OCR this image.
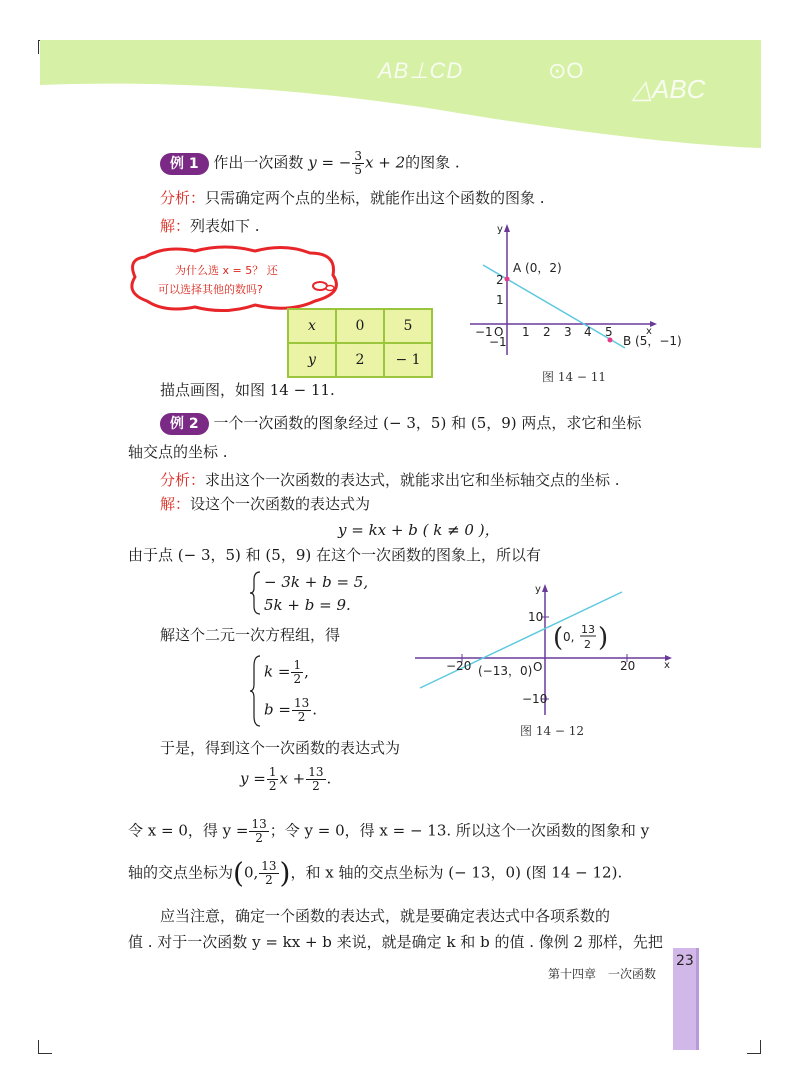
AB⊥CD	⊙O
△ABC
例 1 作出一次函数 y = − $\frac{3}{5}$ x + 2的图象 .
分析：只需确定两个点的坐标，就能作出这个函数的图象 .
解：列表如下 .
为什么选 x = 5？ 还
可以选择其他的数吗?
x	0	5
y	2	− 1
描点画图，如图 14 − 11.
x
y
O
−1 1 2 3 4 5
2
1
−1
A (0，2)
B (5，−1)
图 14 − 11
例 2 一个一次函数的图象经过 (− 3，5) 和 (5，9) 两点，求它和坐标
轴交点的坐标 .
分析：求出这个一次函数的表达式，就能求出它和坐标轴交点的坐标 .
解：设这个一次函数的表达式为
y = kx + b ( k ≠ 0 )，
由于点 (− 3，5) 和 (5，9) 在这个一次函数的图象上，所以有
− 3k + b = 5,
5k + b = 9.
解这个二元一次方程组，得
$k = \frac{1}{2}$ ,
$b = \frac{13}{2}$ .
于是，得到这个一次函数的表达式为
$y = \frac{1}{2}$ $x + \frac{13}{2}$ .
令 x = 0，得 $y = \frac{13}{2}$ ；令 y = 0，得 x = − 13. 所以这个一次函数的图象和 y
轴的交点坐标为(0, $\frac{13}{2}$ )，和 x 轴的交点坐标为 (− 13，0) (图 14 − 12).
x
y
O
−20	20
10
−10
(−13，0)
( 0,
13
2 )
图 14 − 12
应当注意，确定一个函数的表达式，就是要确定表达式中各项系数的
值 . 对于一次函数 y = kx + b 来说，就是确定 k 和 b 的值 . 像例 2 那样，先把
第十四章　一次函数
23
